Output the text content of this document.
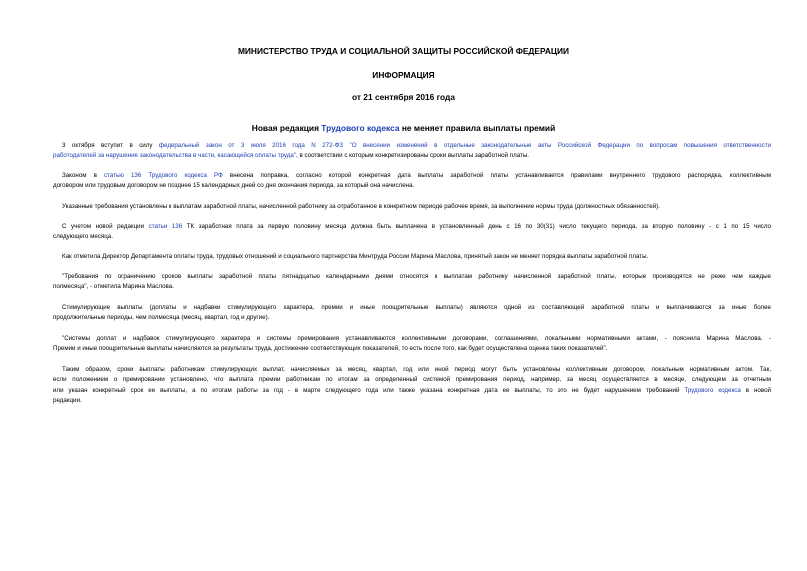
МИНИСТЕРСТВО ТРУДА И СОЦИАЛЬНОЙ ЗАЩИТЫ РОССИЙСКОЙ ФЕДЕРАЦИИ
ИНФОРМАЦИЯ
от 21 сентября 2016 года
Новая редакция Трудового кодекса не меняет правила выплаты премий
3 октября вступит в силу федеральный закон от 3 июля 2016 года N 272-ФЗ "О внесении изменений в отдельные законодательные акты Российской Федерации по вопросам повышения ответственности
работодателей за нарушение законодательства в части, касающейся оплаты труда", в соответствии с которым конкретизированы сроки выплаты заработной платы.
Законом в статью 136 Трудового кодекса РФ внесена поправка, согласно которой конкретная дата выплаты заработной платы устанавливается правилами внутреннего трудового распорядка, коллективным
договором или трудовым договором не позднее 15 календарных дней со дня окончания периода, за который она начислена.
Указанные требования установлены к выплатам заработной платы, начисленной работнику за отработанное в конкретном периоде рабочее время, за выполнение нормы труда (должностных обязанностей).
С учетом новой редакции статьи 136 ТК заработная плата за первую половину месяца должна быть выплачена в установленный день с 16 по 30(31) число текущего периода, за вторую половину - с 1 по 15 число
следующего месяца.
Как отметила Директор Департамента оплаты труда, трудовых отношений и социального партнерства Минтруда России Марина Маслова, принятый закон не меняет порядка выплаты заработной платы.
"Требования по ограничению сроков выплаты заработной платы пятнадцатью календарными днями относятся к выплатам работнику начисленной заработной платы, которые производятся не реже чем каждые
полмесяца", - отметила Марина Маслова.
Стимулирующие выплаты (доплаты и надбавки стимулирующего характера, премии и иные поощрительные выплаты) являются одной из составляющей заработной платы и выплачиваются за иные более
продолжительные периоды, чем полмесяца (месяц, квартал, год и другие).
"Системы доплат и надбавок стимулирующего характера и системы премирования устанавливаются коллективными договорами, соглашениями, локальными нормативными актами, - пояснила Марина Маслова. -
Премии и иные поощрительные выплаты начисляются за результаты труда, достижение соответствующих показателей, то есть после того, как будет осуществлена оценка таких показателей".
Таким образом, сроки выплаты работникам стимулирующих выплат, начисляемых за месяц, квартал, год или иной период могут быть установлены коллективным договором, локальным нормативным актом. Так,
если положением о премировании установлено, что выплата премии работникам по итогам за определенный системой премирования период, например, за месяц осуществляется в месяце, следующем за отчетным
или указан конкретный срок ее выплаты, а по итогам работы за год - в марте следующего года или также указана конкретная дата ее выплаты, то это не будет нарушением требований Трудового кодекса в новой
редакции.
